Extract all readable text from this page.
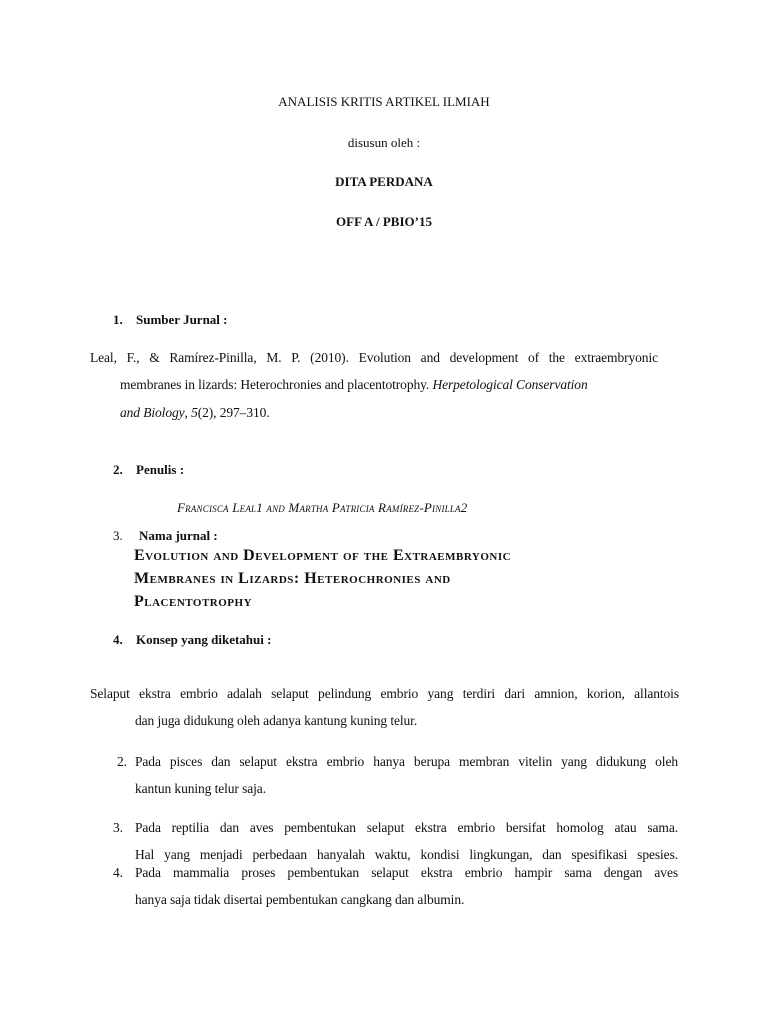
ANALISIS KRITIS ARTIKEL ILMIAH
disusun oleh :
DITA PERDANA
OFF A / PBIO’15
1. Sumber Jurnal :
Leal, F., & Ramírez-Pinilla, M. P. (2010). Evolution and development of the extraembryonic
membranes in lizards: Heterochronies and placentotrophy. Herpetological Conservation
and Biology, 5(2), 297–310.
2. Penulis :
Francisca Leal1 and Martha Patricia Ramírez-Pinilla2
3. Nama jurnal :
Evolution and Development of the Extraembryonic
Membranes in Lizards: Heterochronies and
Placentotrophy
4. Konsep yang diketahui :
Selaput ekstra embrio adalah selaput pelindung embrio yang terdiri dari amnion, korion, allantois
dan juga didukung oleh adanya kantung kuning telur.
2. Pada pisces dan selaput ekstra embrio hanya berupa membran vitelin yang didukung oleh
kantun kuning telur saja.
3. Pada reptilia dan aves pembentukan selaput ekstra embrio bersifat homolog atau sama.
Hal yang menjadi perbedaan hanyalah waktu, kondisi lingkungan, dan spesifikasi spesies.
4. Pada mammalia proses pembentukan selaput ekstra embrio hampir sama dengan aves
hanya saja tidak disertai pembentukan cangkang dan albumin.
